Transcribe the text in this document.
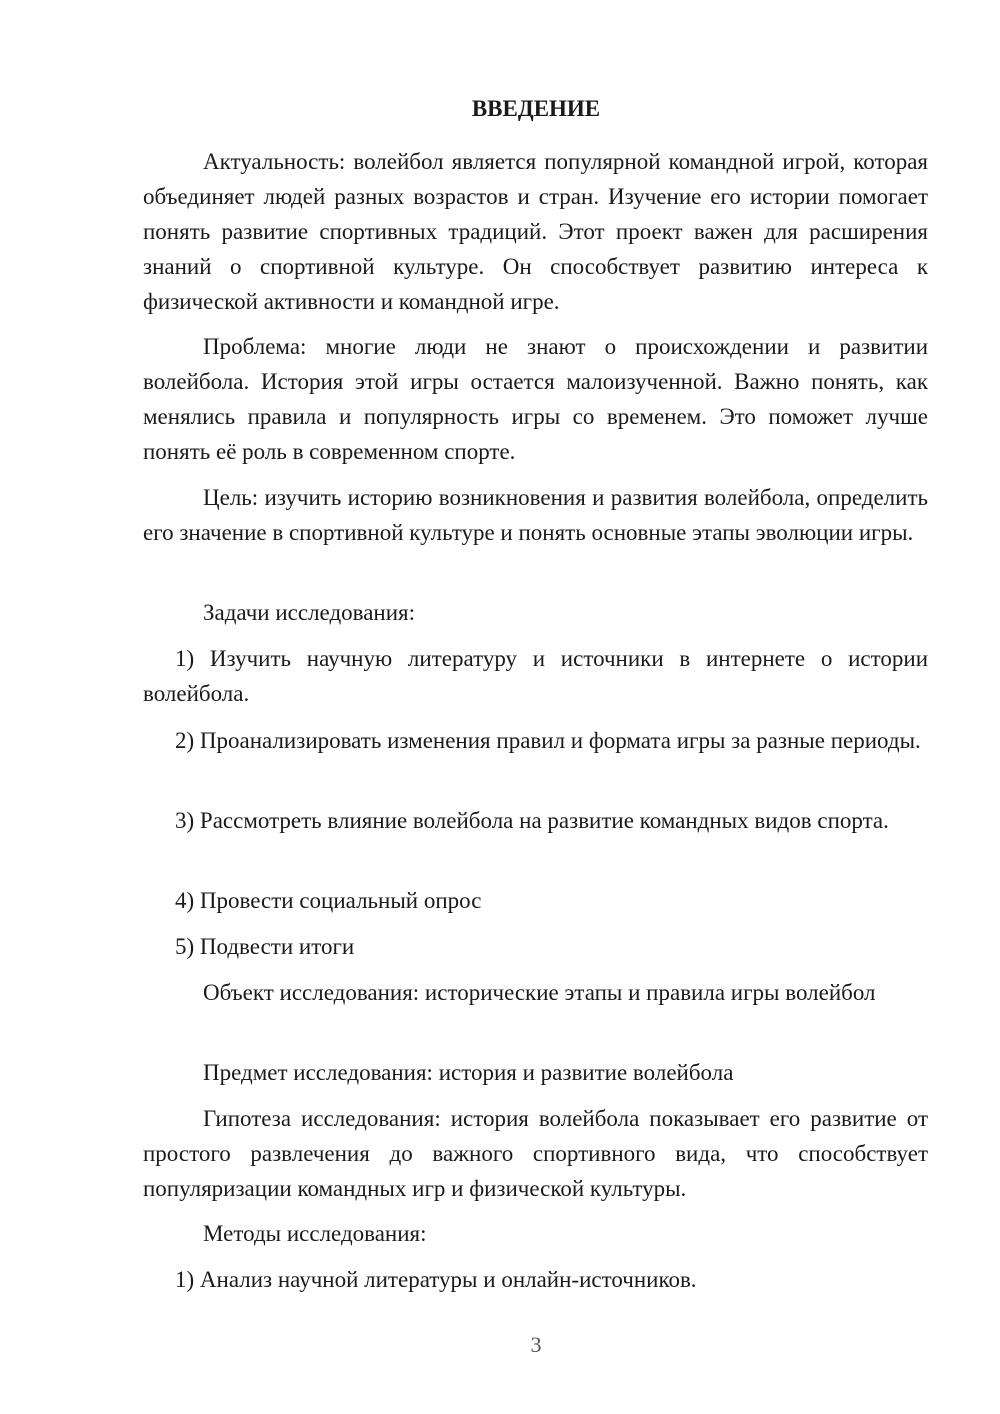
ВВЕДЕНИЕ
Актуальность: волейбол является популярной командной игрой, которая объединяет людей разных возрастов и стран. Изучение его истории помогает понять развитие спортивных традиций. Этот проект важен для расширения знаний о спортивной культуре. Он способствует развитию интереса к физической активности и командной игре.
Проблема: многие люди не знают о происхождении и развитии волейбола. История этой игры остается малоизученной. Важно понять, как менялись правила и популярность игры со временем. Это поможет лучше понять её роль в современном спорте.
Цель: изучить историю возникновения и развития волейбола, определить его значение в спортивной культуре и понять основные этапы эволюции игры.
Задачи исследования:
1) Изучить научную литературу и источники в интернете о истории волейбола.
2) Проанализировать изменения правил и формата игры за разные периоды.
3) Рассмотреть влияние волейбола на развитие командных видов спорта.
4) Провести социальный опрос
5) Подвести итоги
Объект исследования: исторические этапы и правила игры волейбол
Предмет исследования: история и развитие волейбола
Гипотеза исследования: история волейбола показывает его развитие от простого развлечения до важного спортивного вида, что способствует популяризации командных игр и физической культуры.
Методы исследования:
1) Анализ научной литературы и онлайн-источников.
3
